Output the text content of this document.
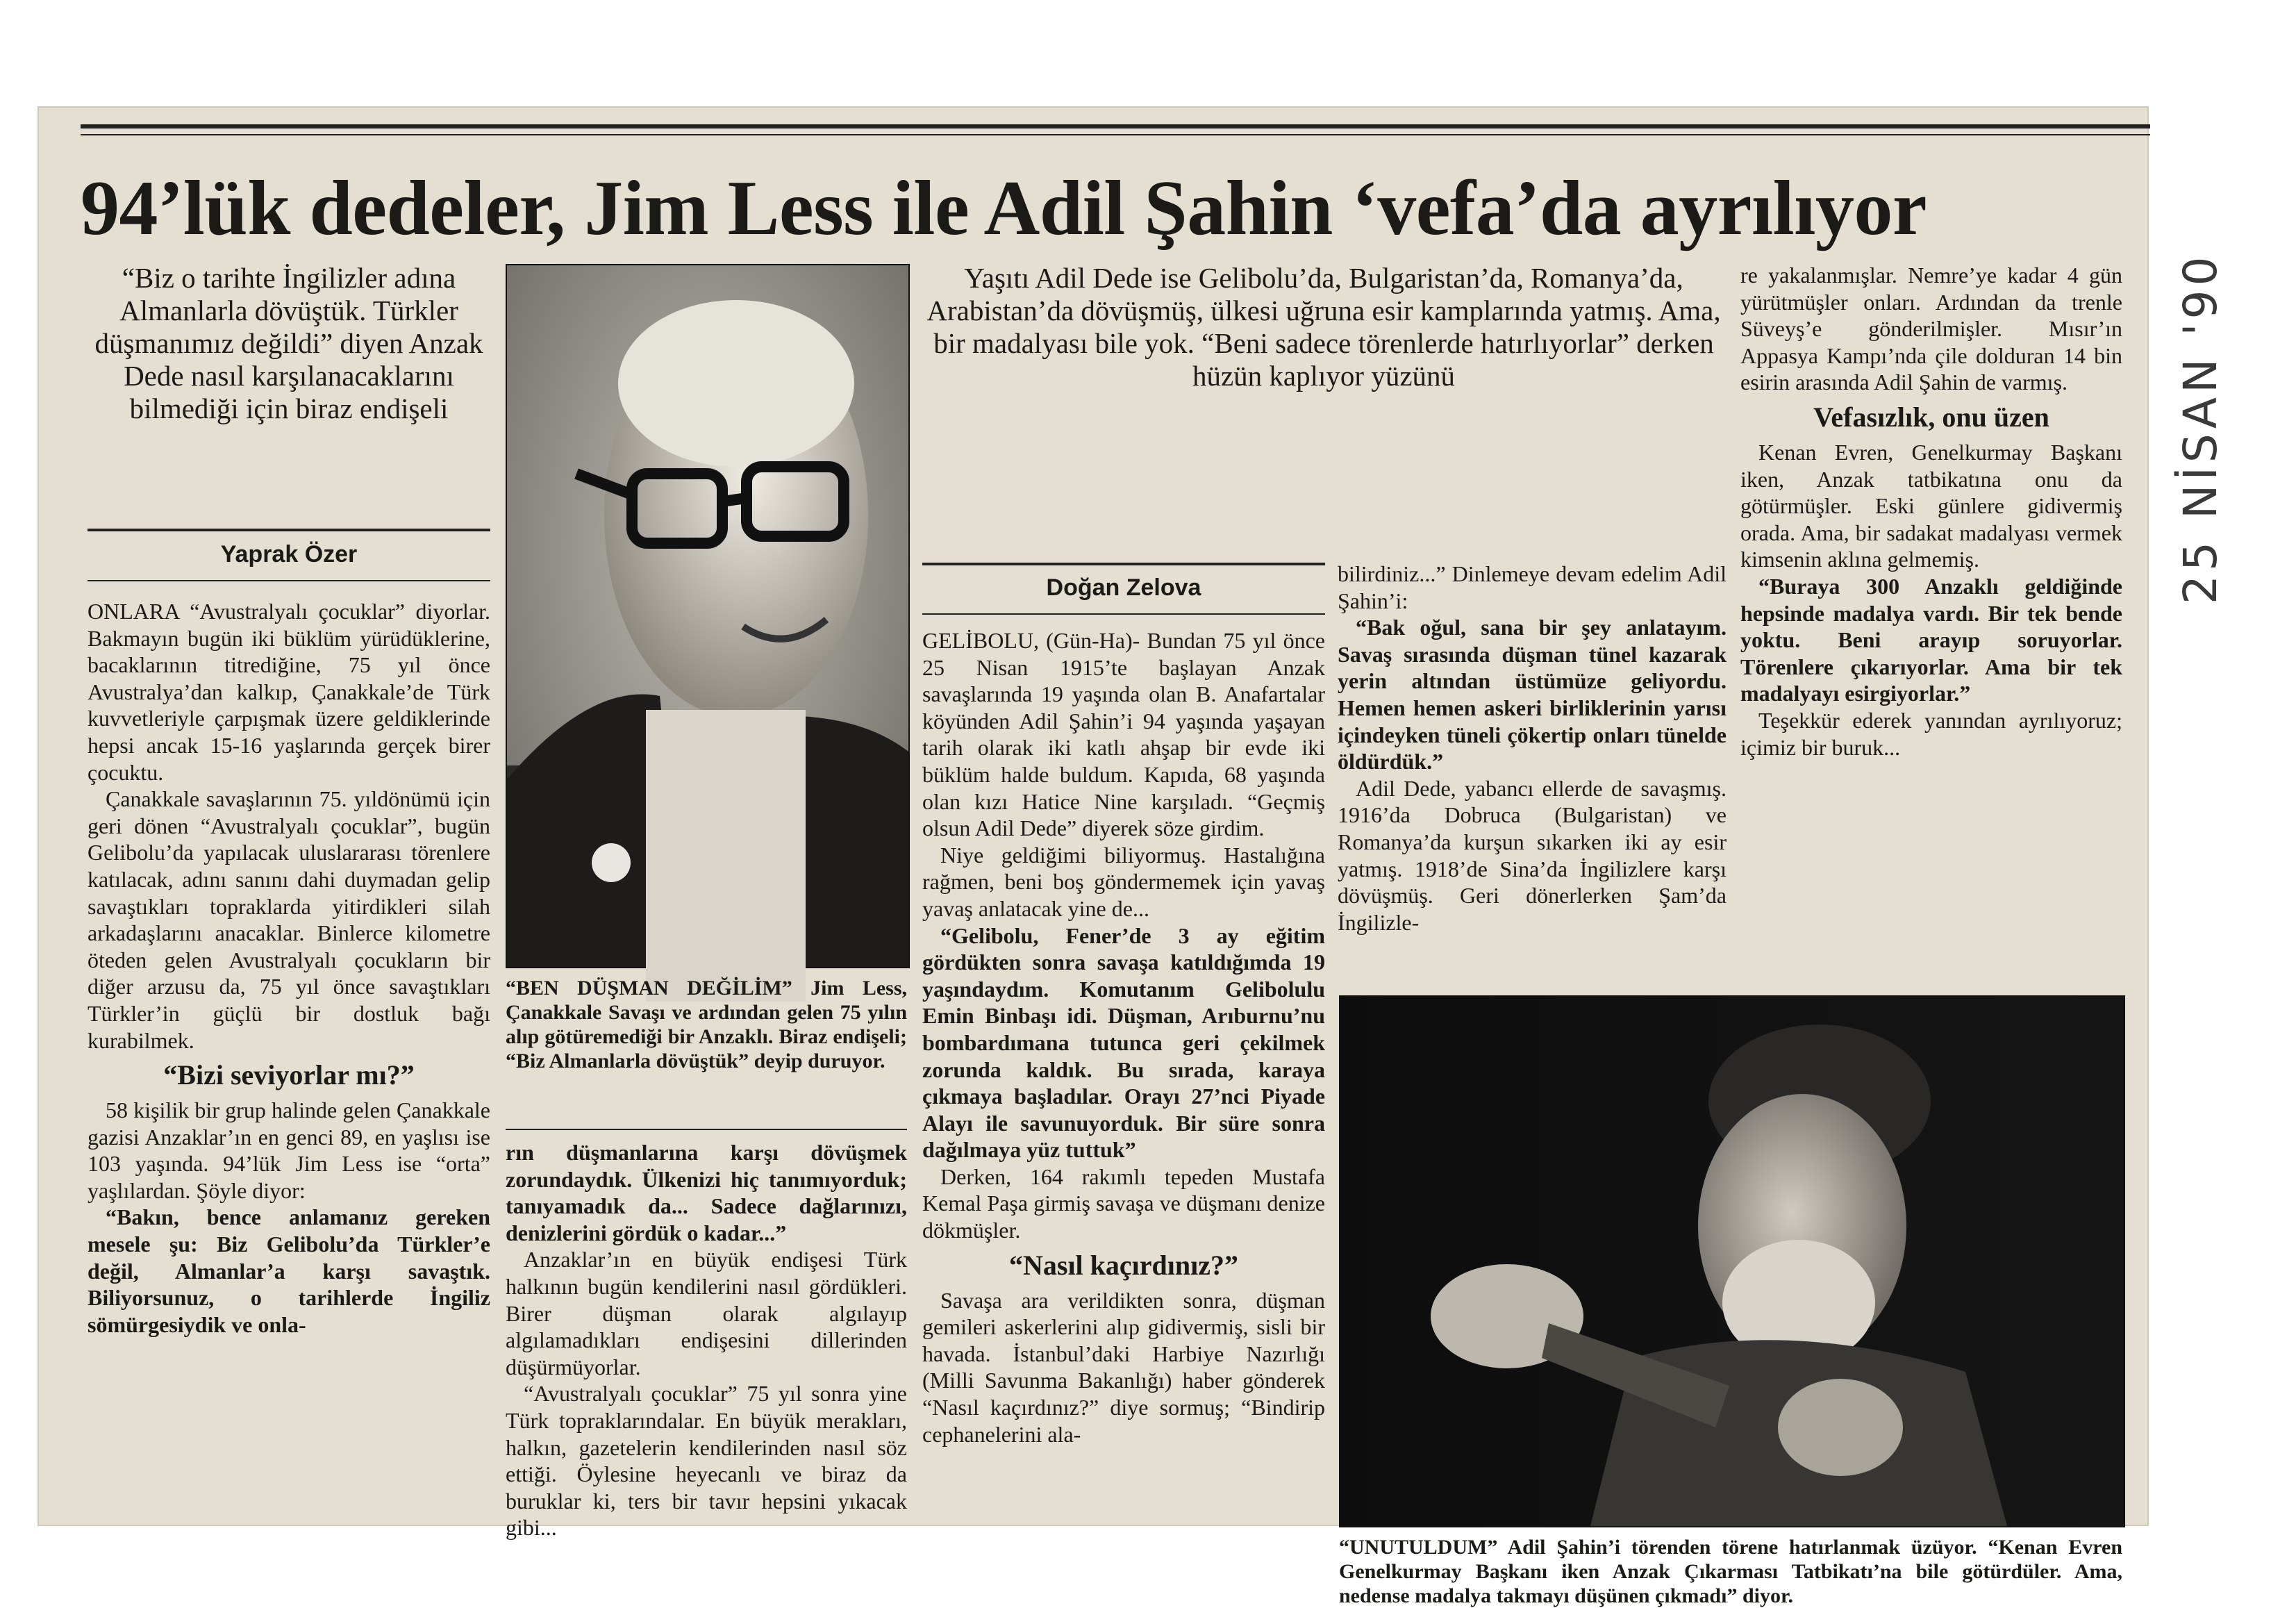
94’lük dedeler, Jim Less ile Adil Şahin ‘vefa’da ayrılıyor
“Biz o tarihte İngilizler adına Almanlarla dövüştük. Türkler düşmanımız değildi” diyen Anzak Dede nasıl karşılanacaklarını bilmediği için biraz endişeli
Yaprak Özer

ONLARA “Avustralyalı çocuklar” diyorlar. Bakmayın bugün iki büklüm yürüdüklerine, bacaklarının titrediğine, 75 yıl önce Avustralya’dan kalkıp, Çanakkale’de Türk kuvvetleriyle çarpışmak üzere geldiklerinde hepsi ancak 15-16 yaşlarında gerçek birer çocuktu.

Çanakkale savaşlarının 75. yıldönümü için geri dönen “Avustralyalı çocuklar”, bugün Gelibolu’da yapılacak uluslararası törenlere katılacak, adını sanını dahi duymadan gelip savaştıkları topraklarda yitirdikleri silah arkadaşlarını anacaklar. Binlerce kilometre öteden gelen Avustralyalı çocukların bir diğer arzusu da, 75 yıl önce savaştıkları Türkler’in güçlü bir dostluk bağı kurabilmek.

“Bizi seviyorlar mı?”

58 kişilik bir grup halinde gelen Çanakkale gazisi Anzaklar’ın en genci 89, en yaşlısı ise 103 yaşında. 94’lük Jim Less ise “orta” yaşlılardan. Şöyle diyor:

“Bakın, bence anlamanız gereken mesele şu: Biz Gelibolu’da Türkler’e değil, Almanlar’a karşı savaştık. Biliyorsunuz, o tarihlerde İngiliz sömürgesiydik ve onla-

“BEN DÜŞMAN DEĞİLİM” Jim Less, Çanakkale Savaşı ve ardından gelen 75 yılın alıp götüremediği bir Anzaklı. Biraz endişeli; “Biz Almanlarla dövüştük” deyip duruyor.

rın düşmanlarına karşı dövüşmek zorundaydık. Ülkenizi hiç tanımıyorduk; tanıyamadık da... Sadece dağlarınızı, denizlerini gördük o kadar...”

Anzaklar’ın en büyük endişesi Türk halkının bugün kendilerini nasıl gördükleri. Birer düşman olarak algılayıp algılamadıkları endişesini dillerinden düşürmüyorlar.

“Avustralyalı çocuklar” 75 yıl sonra yine Türk topraklarındalar. En büyük merakları, halkın, gazetelerin kendilerinden nasıl söz ettiği. Öylesine heyecanlı ve biraz da buruklar ki, ters bir tavır hepsini yıkacak gibi...

Yaşıtı Adil Dede ise Gelibolu’da, Bulgaristan’da, Romanya’da, Arabistan’da dövüşmüş, ülkesi uğruna esir kamplarında yatmış. Ama, bir madalyası bile yok. “Beni sadece törenlerde hatırlıyorlar” derken hüzün kaplıyor yüzünü
Doğan Zelova

GELİBOLU, (Gün-Ha)- Bundan 75 yıl önce 25 Nisan 1915’te başlayan Anzak savaşlarında 19 yaşında olan B. Anafartalar köyünden Adil Şahin’i 94 yaşında yaşayan tarih olarak iki katlı ahşap bir evde iki büklüm halde buldum. Kapıda, 68 yaşında olan kızı Hatice Nine karşıladı. “Geçmiş olsun Adil Dede” diyerek söze girdim.

Niye geldiğimi biliyormuş. Hastalığına rağmen, beni boş göndermemek için yavaş yavaş anlatacak yine de...

“Gelibolu, Fener’de 3 ay eğitim gördükten sonra savaşa katıldığımda 19 yaşındaydım. Komutanım Gelibolulu Emin Binbaşı idi. Düşman, Arıburnu’nu bombardımana tutunca geri çekilmek zorunda kaldık. Bu sırada, karaya çıkmaya başladılar. Orayı 27’nci Piyade Alayı ile savunuyorduk. Bir süre sonra dağılmaya yüz tuttuk”

Derken, 164 rakımlı tepeden Mustafa Kemal Paşa girmiş savaşa ve düşmanı denize dökmüşler.

“Nasıl kaçırdınız?”

Savaşa ara verildikten sonra, düşman gemileri askerlerini alıp gidivermiş, sisli bir havada. İstanbul’daki Harbiye Nazırlığı (Milli Savunma Bakanlığı) haber gönderek “Nasıl kaçırdınız?” diye sormuş; “Bindirip cephanelerini ala-

bilirdiniz...” Dinlemeye devam edelim Adil Şahin’i:

“Bak oğul, sana bir şey anlatayım. Savaş sırasında düşman tünel kazarak yerin altından üstümüze geliyordu. Hemen hemen askeri birliklerinin yarısı içindeyken tüneli çökertip onları tünelde öldürdük.”

Adil Dede, yabancı ellerde de savaşmış. 1916’da Dobruca (Bulgaristan) ve Romanya’da kurşun sıkarken iki ay esir yatmış. 1918’de Sina’da İngilizlere karşı dövüşmüş. Geri dönerlerken Şam’da İngilizle-

re yakalanmışlar. Nemre’ye kadar 4 gün yürütmüşler onları. Ardından da trenle Süveyş’e gönderilmişler. Mısır’ın Appasya Kampı’nda çile dolduran 14 bin esirin arasında Adil Şahin de varmış.

Vefasızlık, onu üzen

Kenan Evren, Genelkurmay Başkanı iken, Anzak tatbikatına onu da götürmüşler. Eski günlere gidivermiş orada. Ama, bir sadakat madalyası vermek kimsenin aklına gelmemiş.

“Buraya 300 Anzaklı geldiğinde hepsinde madalya vardı. Bir tek bende yoktu. Beni arayıp soruyorlar. Törenlere çıkarıyorlar. Ama bir tek madalyayı esirgiyorlar.”

Teşekkür ederek yanından ayrılıyoruz; içimiz bir buruk...

“UNUTULDUM” Adil Şahin’i törenden törene hatırlanmak üzüyor. “Kenan Evren Genelkurmay Başkanı iken Anzak Çıkarması Tatbikatı’na bile götürdüler. Ama, nedense madalya takmayı düşünen çıkmadı” diyor.
25 NİSAN '90
